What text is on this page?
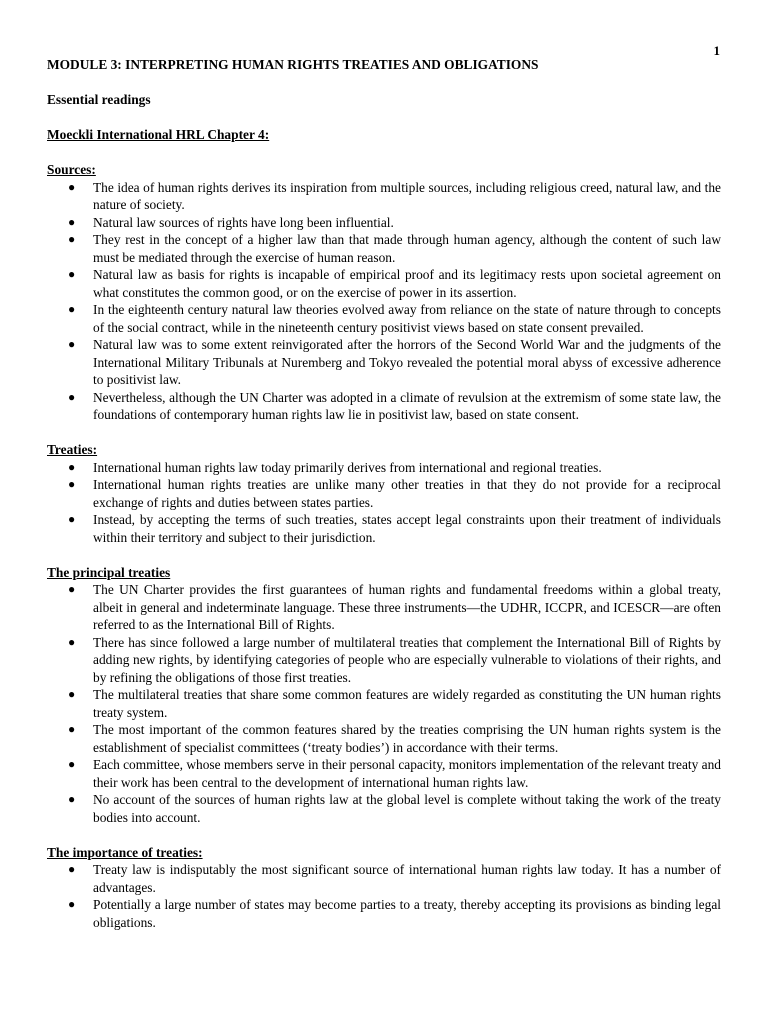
1

MODULE 3: INTERPRETING HUMAN RIGHTS TREATIES AND OBLIGATIONS

Essential readings

Moeckli International HRL Chapter 4:

Sources:

● The idea of human rights derives its inspiration from multiple sources, including religious creed, natural law, and the nature of society.
● Natural law sources of rights have long been influential.
● They rest in the concept of a higher law than that made through human agency, although the content of such law must be mediated through the exercise of human reason.
● Natural law as basis for rights is incapable of empirical proof and its legitimacy rests upon societal agreement on what constitutes the common good, or on the exercise of power in its assertion.
● In the eighteenth century natural law theories evolved away from reliance on the state of nature through to concepts of the social contract, while in the nineteenth century positivist views based on state consent prevailed.
● Natural law was to some extent reinvigorated after the horrors of the Second World War and the judgments of the International Military Tribunals at Nuremberg and Tokyo revealed the potential moral abyss of excessive adherence to positivist law.
● Nevertheless, although the UN Charter was adopted in a climate of revulsion at the extremism of some state law, the foundations of contemporary human rights law lie in positivist law, based on state consent.

Treaties:

● International human rights law today primarily derives from international and regional treaties.
● International human rights treaties are unlike many other treaties in that they do not provide for a reciprocal exchange of rights and duties between states parties.
● Instead, by accepting the terms of such treaties, states accept legal constraints upon their treatment of individuals within their territory and subject to their jurisdiction.

The principal treaties

● The UN Charter provides the first guarantees of human rights and fundamental freedoms within a global treaty, albeit in general and indeterminate language. These three instruments—the UDHR, ICCPR, and ICESCR—are often referred to as the International Bill of Rights.
● There has since followed a large number of multilateral treaties that complement the International Bill of Rights by adding new rights, by identifying categories of people who are especially vulnerable to violations of their rights, and by refining the obligations of those first treaties.
● The multilateral treaties that share some common features are widely regarded as constituting the UN human rights treaty system.
● The most important of the common features shared by the treaties comprising the UN human rights system is the establishment of specialist committees (‘treaty bodies’) in accordance with their terms.
● Each committee, whose members serve in their personal capacity, monitors implementation of the relevant treaty and their work has been central to the development of international human rights law.
● No account of the sources of human rights law at the global level is complete without taking the work of the treaty bodies into account.

The importance of treaties:

● Treaty law is indisputably the most significant source of international human rights law today. It has a number of advantages.
● Potentially a large number of states may become parties to a treaty, thereby accepting its provisions as binding legal obligations.
